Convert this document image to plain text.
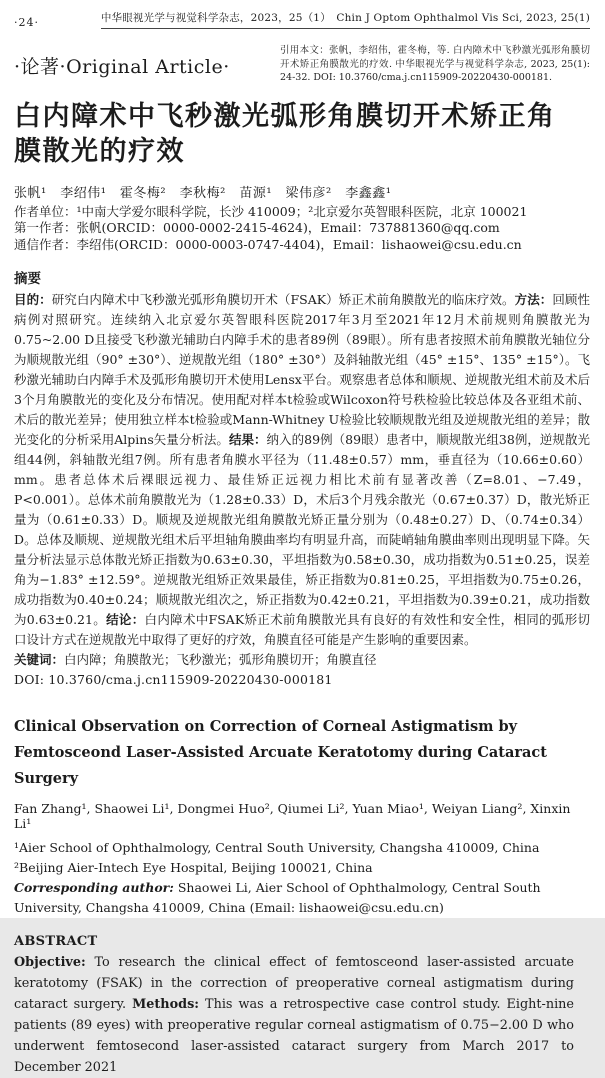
·24·	中华眼视光学与视觉科学杂志，2023，25（1）　Chin J Optom Ophthalmol Vis Sci, 2023, 25(1)
·论著·Original Article·
引用本文：张帆，李绍伟，霍冬梅，等. 白内障术中飞秒激光弧形角膜切开术矫正角膜散光的疗效. 中华眼视光学与视觉科学杂志, 2023, 25(1): 24-32. DOI: 10.3760/cma.j.cn115909-20220430-000181.
白内障术中飞秒激光弧形角膜切开术矫正角膜散光的疗效
张帆¹　李绍伟¹　霍冬梅²　李秋梅²　苗源¹　梁伟彦²　李鑫鑫¹
作者单位：¹中南大学爱尔眼科学院，长沙 410009；²北京爱尔英智眼科医院，北京 100021
第一作者：张帆(ORCID：0000-0002-2415-4624)，Email：737881360@qq.com
通信作者：李绍伟(ORCID：0000-0003-0747-4404)，Email：lishaowei@csu.edu.cn
摘要

目的：研究白内障术中飞秒激光弧形角膜切开术（FSAK）矫正术前角膜散光的临床疗效。方法：回顾性病例对照研究。连续纳入北京爱尔英智眼科医院2017年3月至2021年12月术前规则角膜散光为0.75~2.00 D且接受飞秒激光辅助白内障手术的患者89例（89眼）。所有患者按照术前角膜散光轴位分为顺规散光组（90° ±30°）、逆规散光组（180° ±30°）及斜轴散光组（45° ±15°、135° ±15°）。飞秒激光辅助白内障手术及弧形角膜切开术使用Lensx平台。观察患者总体和顺规、逆规散光组术前及术后3个月角膜散光的变化及分布情况。使用配对样本t检验或Wilcoxon符号秩检验比较总体及各亚组术前、术后的散光差异；使用独立样本t检验或Mann-Whitney U检验比较顺规散光组及逆规散光组的差异；散光变化的分析采用Alpins矢量分析法。结果：纳入的89例（89眼）患者中，顺规散光组38例，逆规散光组44例，斜轴散光组7例。所有患者角膜水平径为（11.48±0.57）mm，垂直径为（10.66±0.60）mm。患者总体术后裸眼远视力、最佳矫正远视力相比术前有显著改善（Z=8.01、−7.49，P<0.001）。总体术前角膜散光为（1.28±0.33）D，术后3个月残余散光（0.67±0.37）D，散光矫正量为（0.61±0.33）D。顺规及逆规散光组角膜散光矫正量分别为（0.48±0.27）D、（0.74±0.34）D。总体及顺规、逆规散光组术后平坦轴角膜曲率均有明显升高，而陡峭轴角膜曲率则出现明显下降。矢量分析法显示总体散光矫正指数为0.63±0.30，平坦指数为0.58±0.30，成功指数为0.51±0.25，误差角为−1.83° ±12.59°。逆规散光组矫正效果最佳，矫正指数为0.81±0.25，平坦指数为0.75±0.26，成功指数为0.40±0.24；顺规散光组次之，矫正指数为0.42±0.21，平坦指数为0.39±0.21，成功指数为0.63±0.21。结论：白内障术中FSAK矫正术前角膜散光具有良好的有效性和安全性，相同的弧形切口设计方式在逆规散光中取得了更好的疗效，角膜直径可能是产生影响的重要因素。

关键词：白内障；角膜散光；飞秒激光；弧形角膜切开；角膜直径
DOI: 10.3760/cma.j.cn115909-20220430-000181
Clinical Observation on Correction of Corneal Astigmatism by Femtosceond Laser-Assisted Arcuate Keratotomy during Cataract Surgery
Fan Zhang¹, Shaowei Li¹, Dongmei Huo², Qiumei Li², Yuan Miao¹, Weiyan Liang², Xinxin Li¹
¹Aier School of Ophthalmology, Central South University, Changsha 410009, China
²Beijing Aier-Intech Eye Hospital, Beijing 100021, China
Corresponding author: Shaowei Li, Aier School of Ophthalmology, Central South University, Changsha 410009, China (Email: lishaowei@csu.edu.cn)
ABSTRACT

Objective: To research the clinical effect of femtosceond laser-assisted arcuate keratotomy (FSAK) in the correction of preoperative corneal astigmatism during cataract surgery. Methods: This was a retrospective case control study. Eight-nine patients (89 eyes) with preoperative regular corneal astigmatism of 0.75−2.00 D who underwent femtosecond laser-assisted cataract surgery from March 2017 to December 2021
